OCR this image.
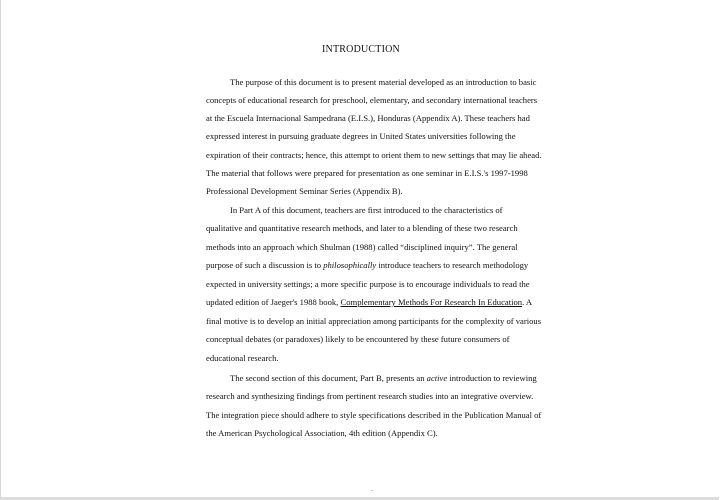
INTRODUCTION
The purpose of this document is to present material developed as an introduction to basic
concepts of educational research for preschool, elementary, and secondary international teachers
at the Escuela Internacional Sampedrana (E.I.S.), Honduras (Appendix A). These teachers had
expressed interest in pursuing graduate degrees in United States universities following the
expiration of their contracts; hence, this attempt to orient them to new settings that may lie ahead.
The material that follows were prepared for presentation as one seminar in E.I.S.'s 1997-1998
Professional Development Seminar Series (Appendix B).
In Part A of this document, teachers are first introduced to the characteristics of
qualitative and quantitative research methods, and later to a blending of these two research
methods into an approach which Shulman (1988) called “disciplined inquiry”. The general
purpose of such a discussion is to philosophically introduce teachers to research methodology
expected in university settings; a more specific purpose is to encourage individuals to read the
updated edition of Jaeger's 1988 book, Complementary Methods For Research In Education. A
final motive is to develop an initial appreciation among participants for the complexity of various
conceptual debates (or paradoxes) likely to be encountered by these future consumers of
educational research.
The second section of this document, Part B, presents an active introduction to reviewing
research and synthesizing findings from pertinent research studies into an integrative overview.
The integration piece should adhere to style specifications described in the Publication Manual of
the American Psychological Association, 4th edition (Appendix C).
